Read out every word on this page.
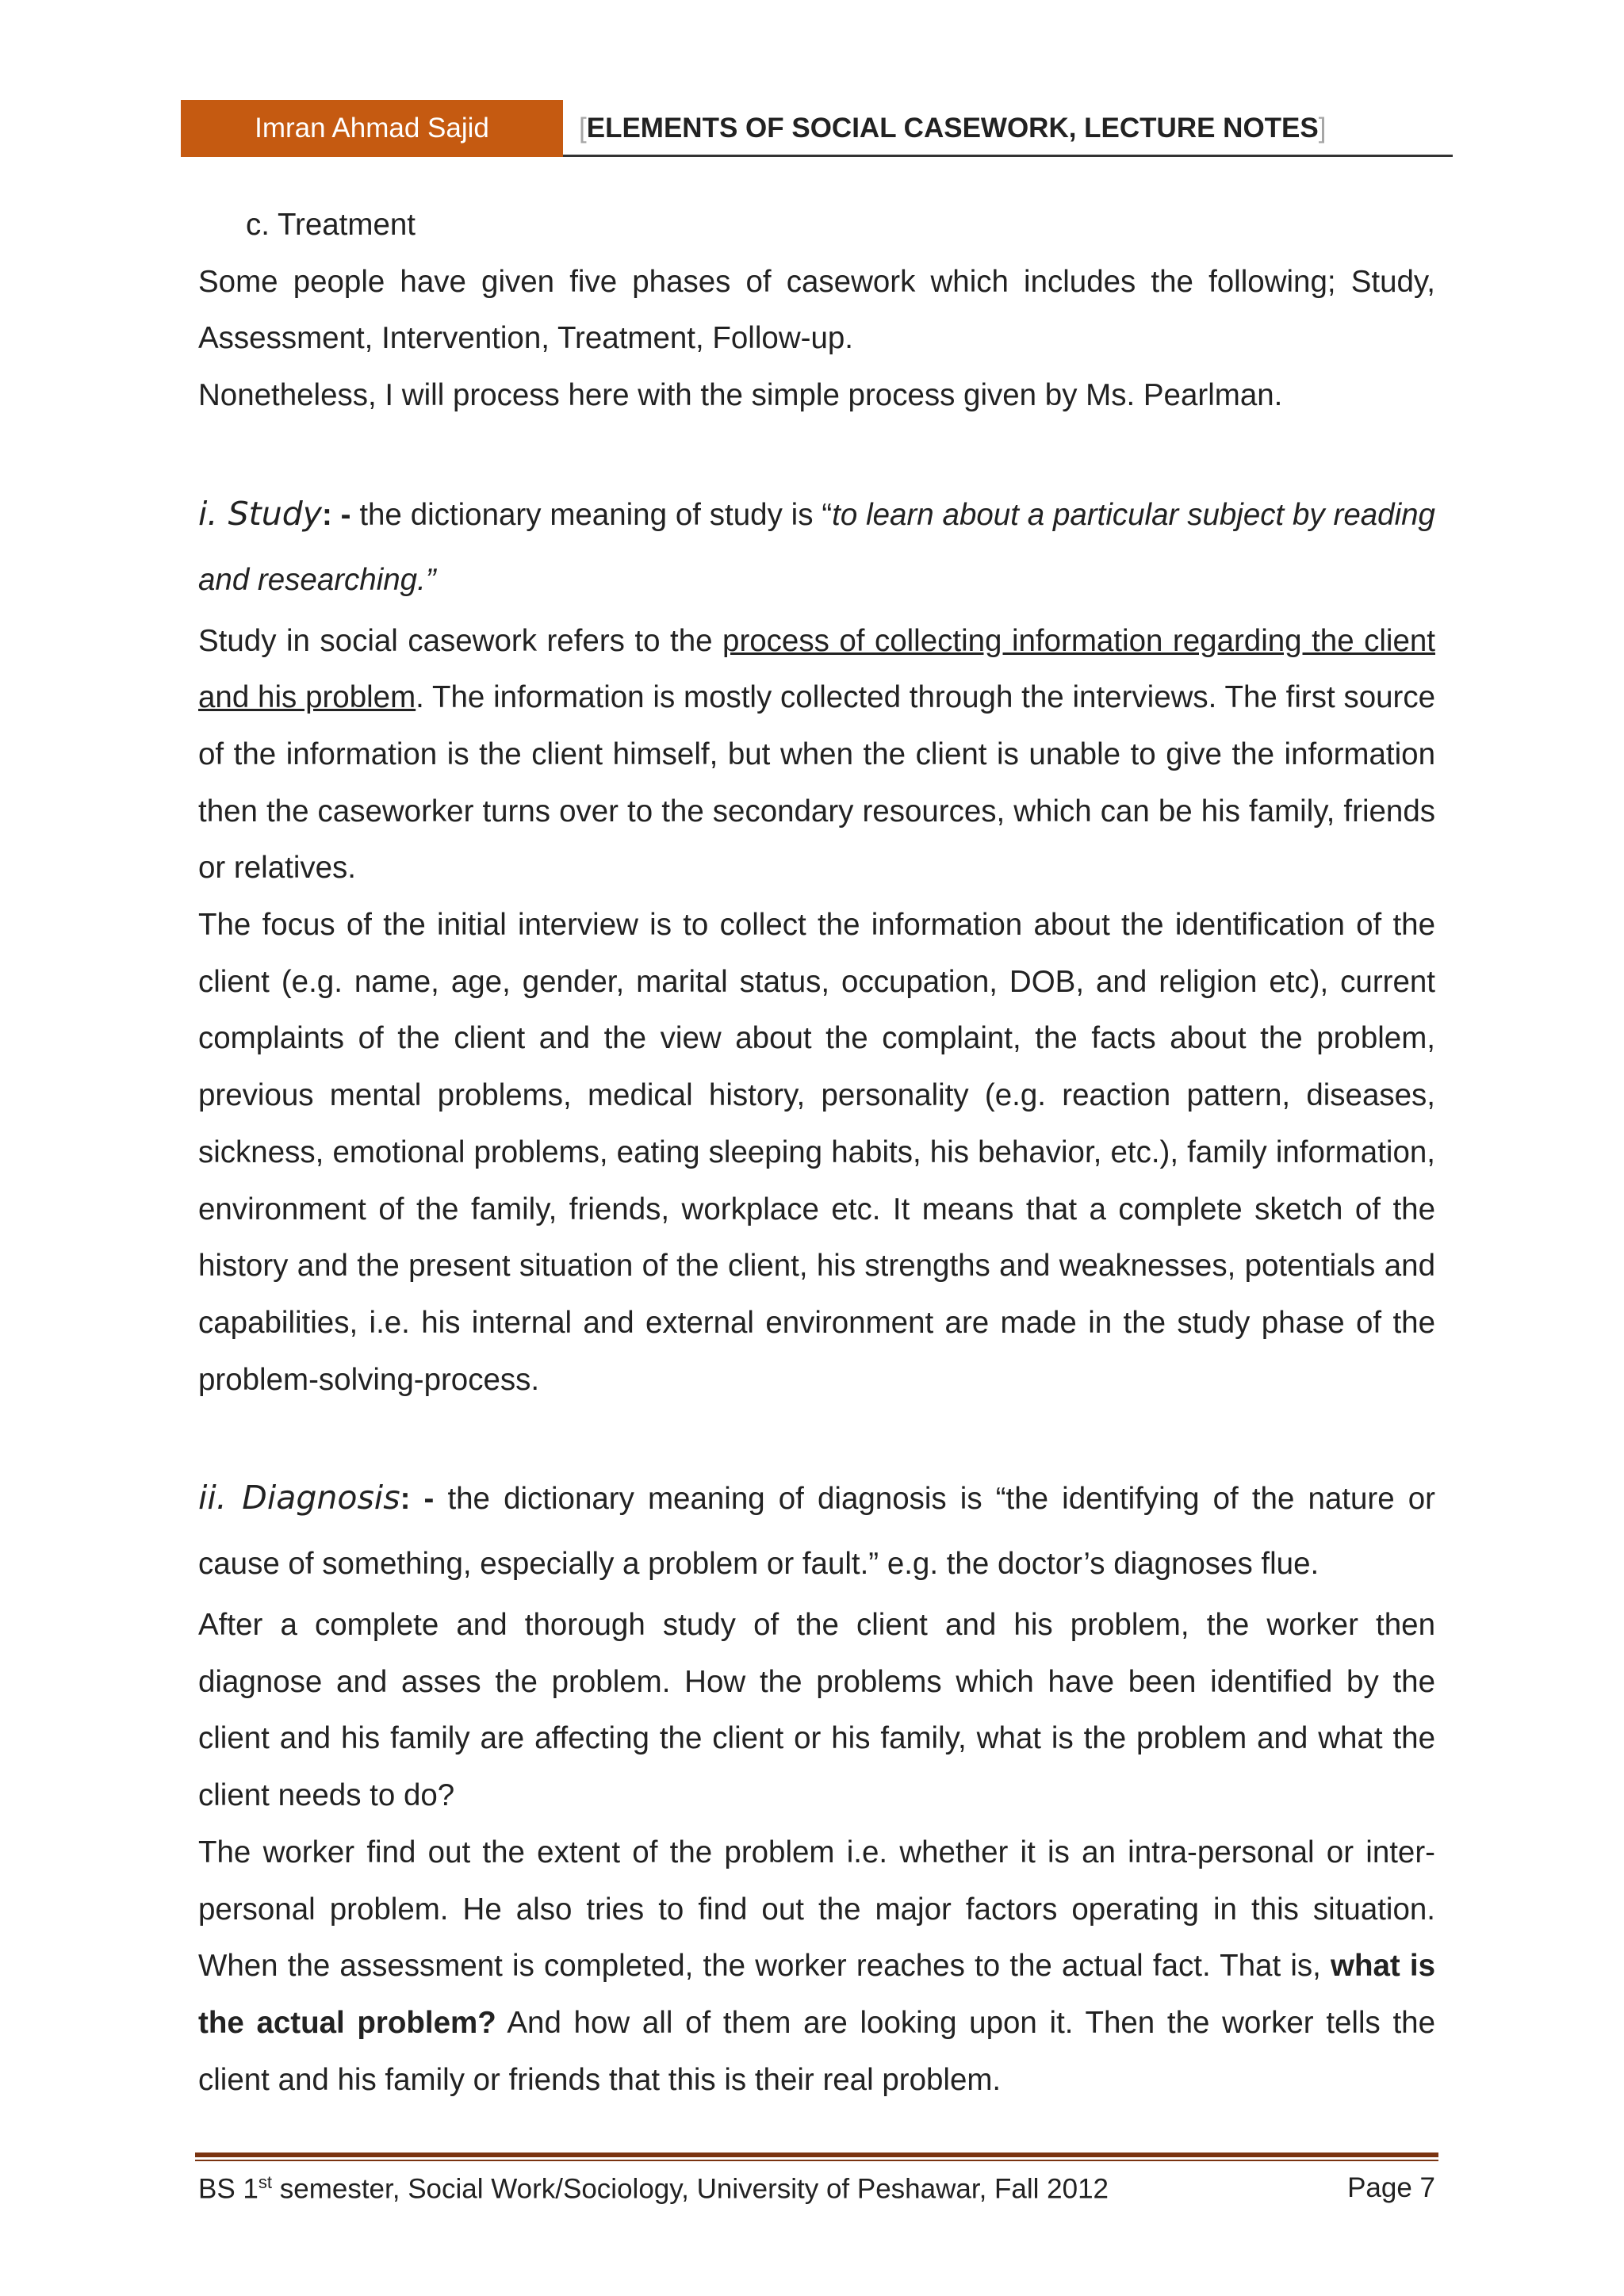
Imran Ahmad Sajid	[ ELEMENTS OF SOCIAL CASEWORK, LECTURE NOTES ]

c. Treatment

Some people have given five phases of casework which includes the following; Study, Assessment, Intervention, Treatment, Follow-up.

Nonetheless, I will process here with the simple process given by Ms. Pearlman.

i. Study: - the dictionary meaning of study is “to learn about a particular subject by reading and researching.”

Study in social casework refers to the process of collecting information regarding the client and his problem. The information is mostly collected through the interviews. The first source of the information is the client himself, but when the client is unable to give the information then the caseworker turns over to the secondary resources, which can be his family, friends or relatives.

The focus of the initial interview is to collect the information about the identification of the client (e.g. name, age, gender, marital status, occupation, DOB, and religion etc), current complaints of the client and the view about the complaint, the facts about the problem, previous mental problems, medical history, personality (e.g. reaction pattern, diseases, sickness, emotional problems, eating sleeping habits, his behavior, etc.), family information, environment of the family, friends, workplace etc. It means that a complete sketch of the history and the present situation of the client, his strengths and weaknesses, potentials and capabilities, i.e. his internal and external environment are made in the study phase of the problem-solving-process.

ii. Diagnosis: - the dictionary meaning of diagnosis is “the identifying of the nature or cause of something, especially a problem or fault.” e.g. the doctor’s diagnoses flue.

After a complete and thorough study of the client and his problem, the worker then diagnose and asses the problem. How the problems which have been identified by the client and his family are affecting the client or his family, what is the problem and what the client needs to do?

The worker find out the extent of the problem i.e. whether it is an intra-personal or inter-personal problem. He also tries to find out the major factors operating in this situation. When the assessment is completed, the worker reaches to the actual fact. That is, what is the actual problem? And how all of them are looking upon it. Then the worker tells the client and his family or friends that this is their real problem.

BS 1st semester, Social Work/Sociology, University of Peshawar, Fall 2012	Page 7
